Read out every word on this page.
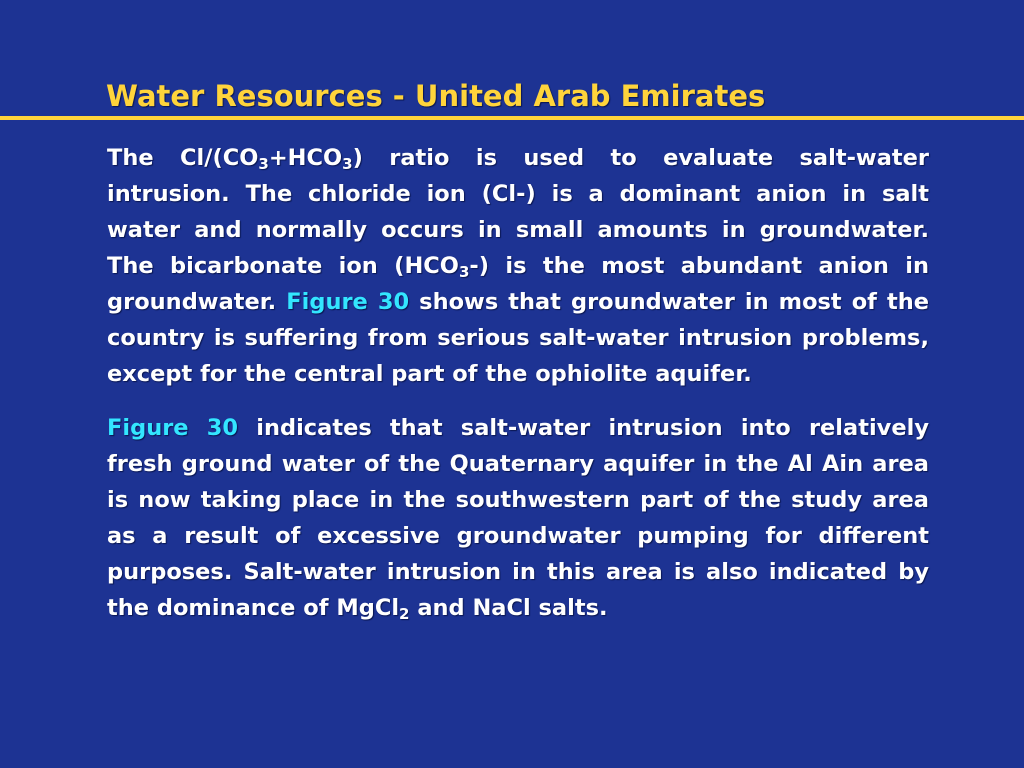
Water Resources - United Arab Emirates

The $Cl/(CO_3+HCO_3)$ ratio is used to evaluate salt-water intrusion. The chloride ion (Cl-) is a dominant anion in salt water and normally occurs in small amounts in groundwater. The bicarbonate ion $(HCO_3-)$ is the most abundant anion in groundwater. Figure 30 shows that groundwater in most of the country is suffering from serious salt-water intrusion problems, except for the central part of the ophiolite aquifer.

Figure 30 indicates that salt-water intrusion into relatively fresh ground water of the Quaternary aquifer in the Al Ain area is now taking place in the southwestern part of the study area as a result of excessive groundwater pumping for different purposes. Salt-water intrusion in this area is also indicated by the dominance of MgCl$_2$ and NaCl salts.
